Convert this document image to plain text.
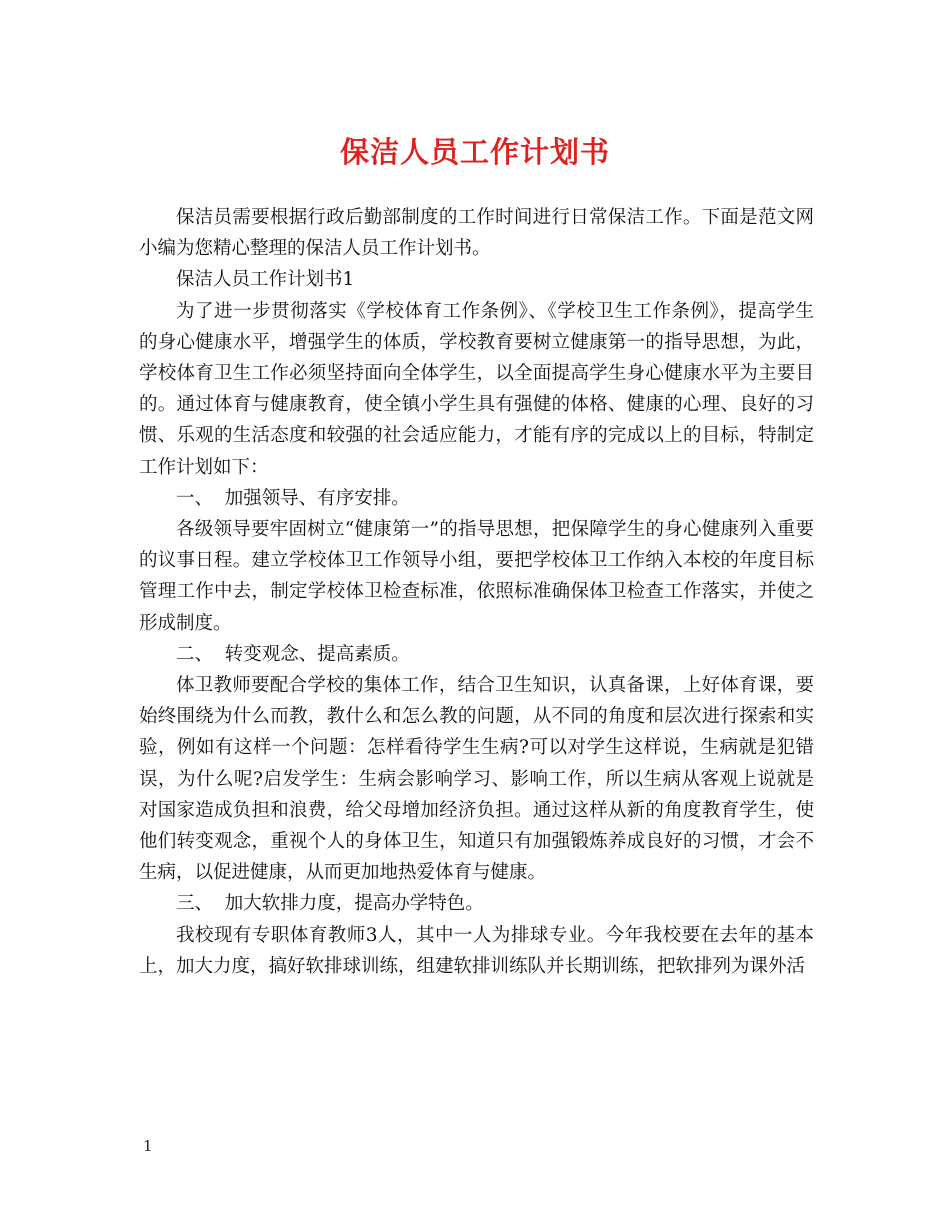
保洁人员工作计划书

保洁员需要根据行政后勤部制度的工作时间进行日常保洁工作。下面是范文网小编为您精心整理的保洁人员工作计划书。

保洁人员工作计划书1

为了进一步贯彻落实《学校体育工作条例》、《学校卫生工作条例》，提高学生的身心健康水平，增强学生的体质，学校教育要树立健康第一的指导思想，为此，学校体育卫生工作必须坚持面向全体学生，以全面提高学生身心健康水平为主要目的。通过体育与健康教育，使全镇小学生具有强健的体格、健康的心理、良好的习惯、乐观的生活态度和较强的社会适应能力，才能有序的完成以上的目标，特制定工作计划如下：

一、  加强领导、有序安排。

各级领导要牢固树立“健康第一”的指导思想，把保障学生的身心健康列入重要的议事日程。建立学校体卫工作领导小组，要把学校体卫工作纳入本校的年度目标管理工作中去，制定学校体卫检查标准，依照标准确保体卫检查工作落实，并使之形成制度。

二、  转变观念、提高素质。

体卫教师要配合学校的集体工作，结合卫生知识，认真备课，上好体育课，要始终围绕为什么而教，教什么和怎么教的问题，从不同的角度和层次进行探索和实验，例如有这样一个问题：怎样看待学生生病?可以对学生这样说，生病就是犯错误，为什么呢?启发学生：生病会影响学习、影响工作，所以生病从客观上说就是对国家造成负担和浪费，给父母增加经济负担。通过这样从新的角度教育学生，使他们转变观念，重视个人的身体卫生，知道只有加强锻炼养成良好的习惯，才会不生病，以促进健康，从而更加地热爱体育与健康。

三、  加大软排力度，提高办学特色。

我校现有专职体育教师3人，其中一人为排球专业。今年我校要在去年的基本上，加大力度，搞好软排球训练，组建软排训练队并长期训练，把软排列为课外活

1
